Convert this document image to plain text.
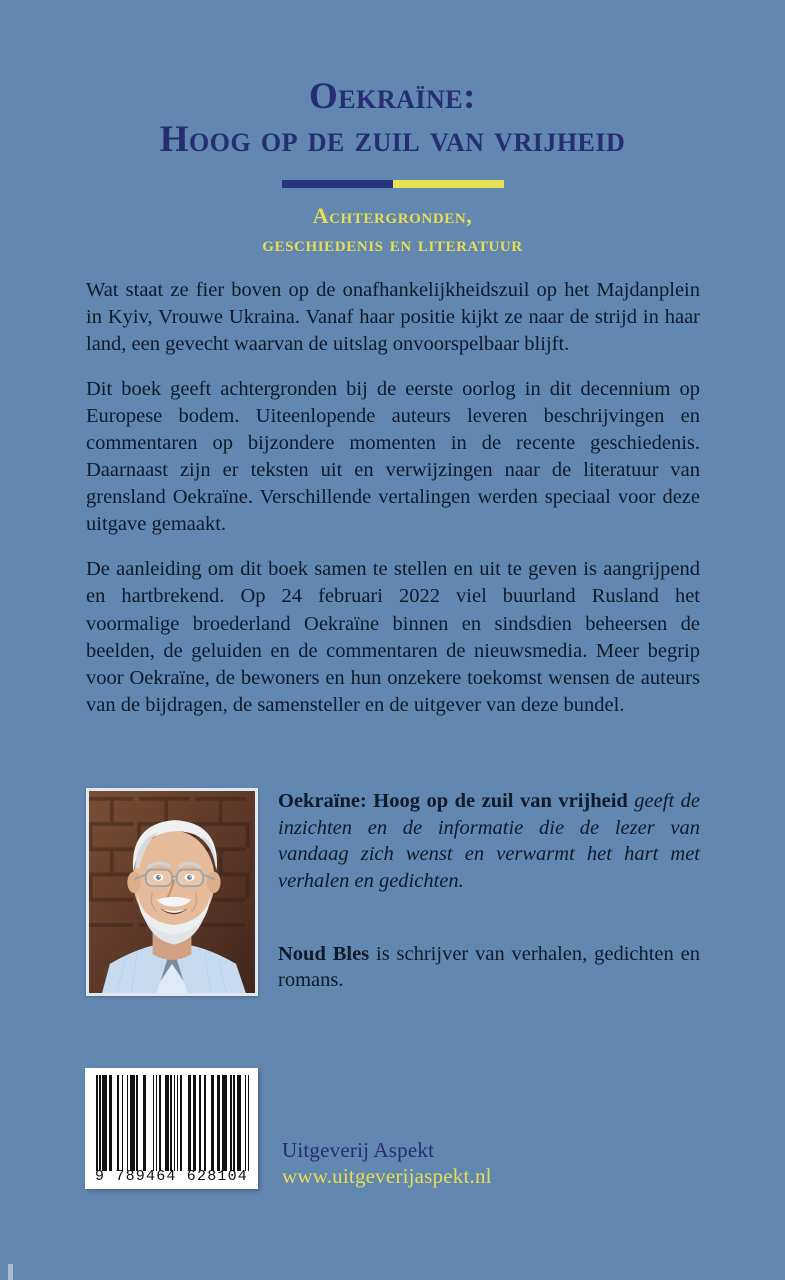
Oekraïne:
Hoog op de zuil van vrijheid
Achtergronden,
geschiedenis en literatuur

Wat staat ze fier boven op de onafhankelijkheidszuil op het Majdanplein in Kyiv, Vrouwe Ukraina. Vanaf haar positie kijkt ze naar de strijd in haar land, een gevecht waarvan de uitslag onvoorspelbaar blijft.

Dit boek geeft achtergronden bij de eerste oorlog in dit decennium op Europese bodem. Uiteenlopende auteurs leveren beschrijvingen en commentaren op bijzondere momenten in de recente geschiedenis. Daarnaast zijn er teksten uit en verwijzingen naar de literatuur van grensland Oekraïne. Verschillende vertalingen werden speciaal voor deze uitgave gemaakt.

De aanleiding om dit boek samen te stellen en uit te geven is aangrijpend en hartbrekend. Op 24 februari 2022 viel buurland Rusland het voormalige broederland Oekraïne binnen en sindsdien beheersen de beelden, de geluiden en de commentaren de nieuwsmedia. Meer begrip voor Oekraïne, de bewoners en hun onzekere toekomst wensen de auteurs van de bijdragen, de samensteller en de uitgever van deze bundel.

Oekraïne: Hoog op de zuil van vrijheid geeft de inzichten en de informatie die de lezer van vandaag zich wenst en verwarmt het hart met verhalen en gedichten.

Noud Bles is schrijver van verhalen, gedichten en romans.

9 789464 628104
Uitgeverij Aspekt
www.uitgeverijaspekt.nl
